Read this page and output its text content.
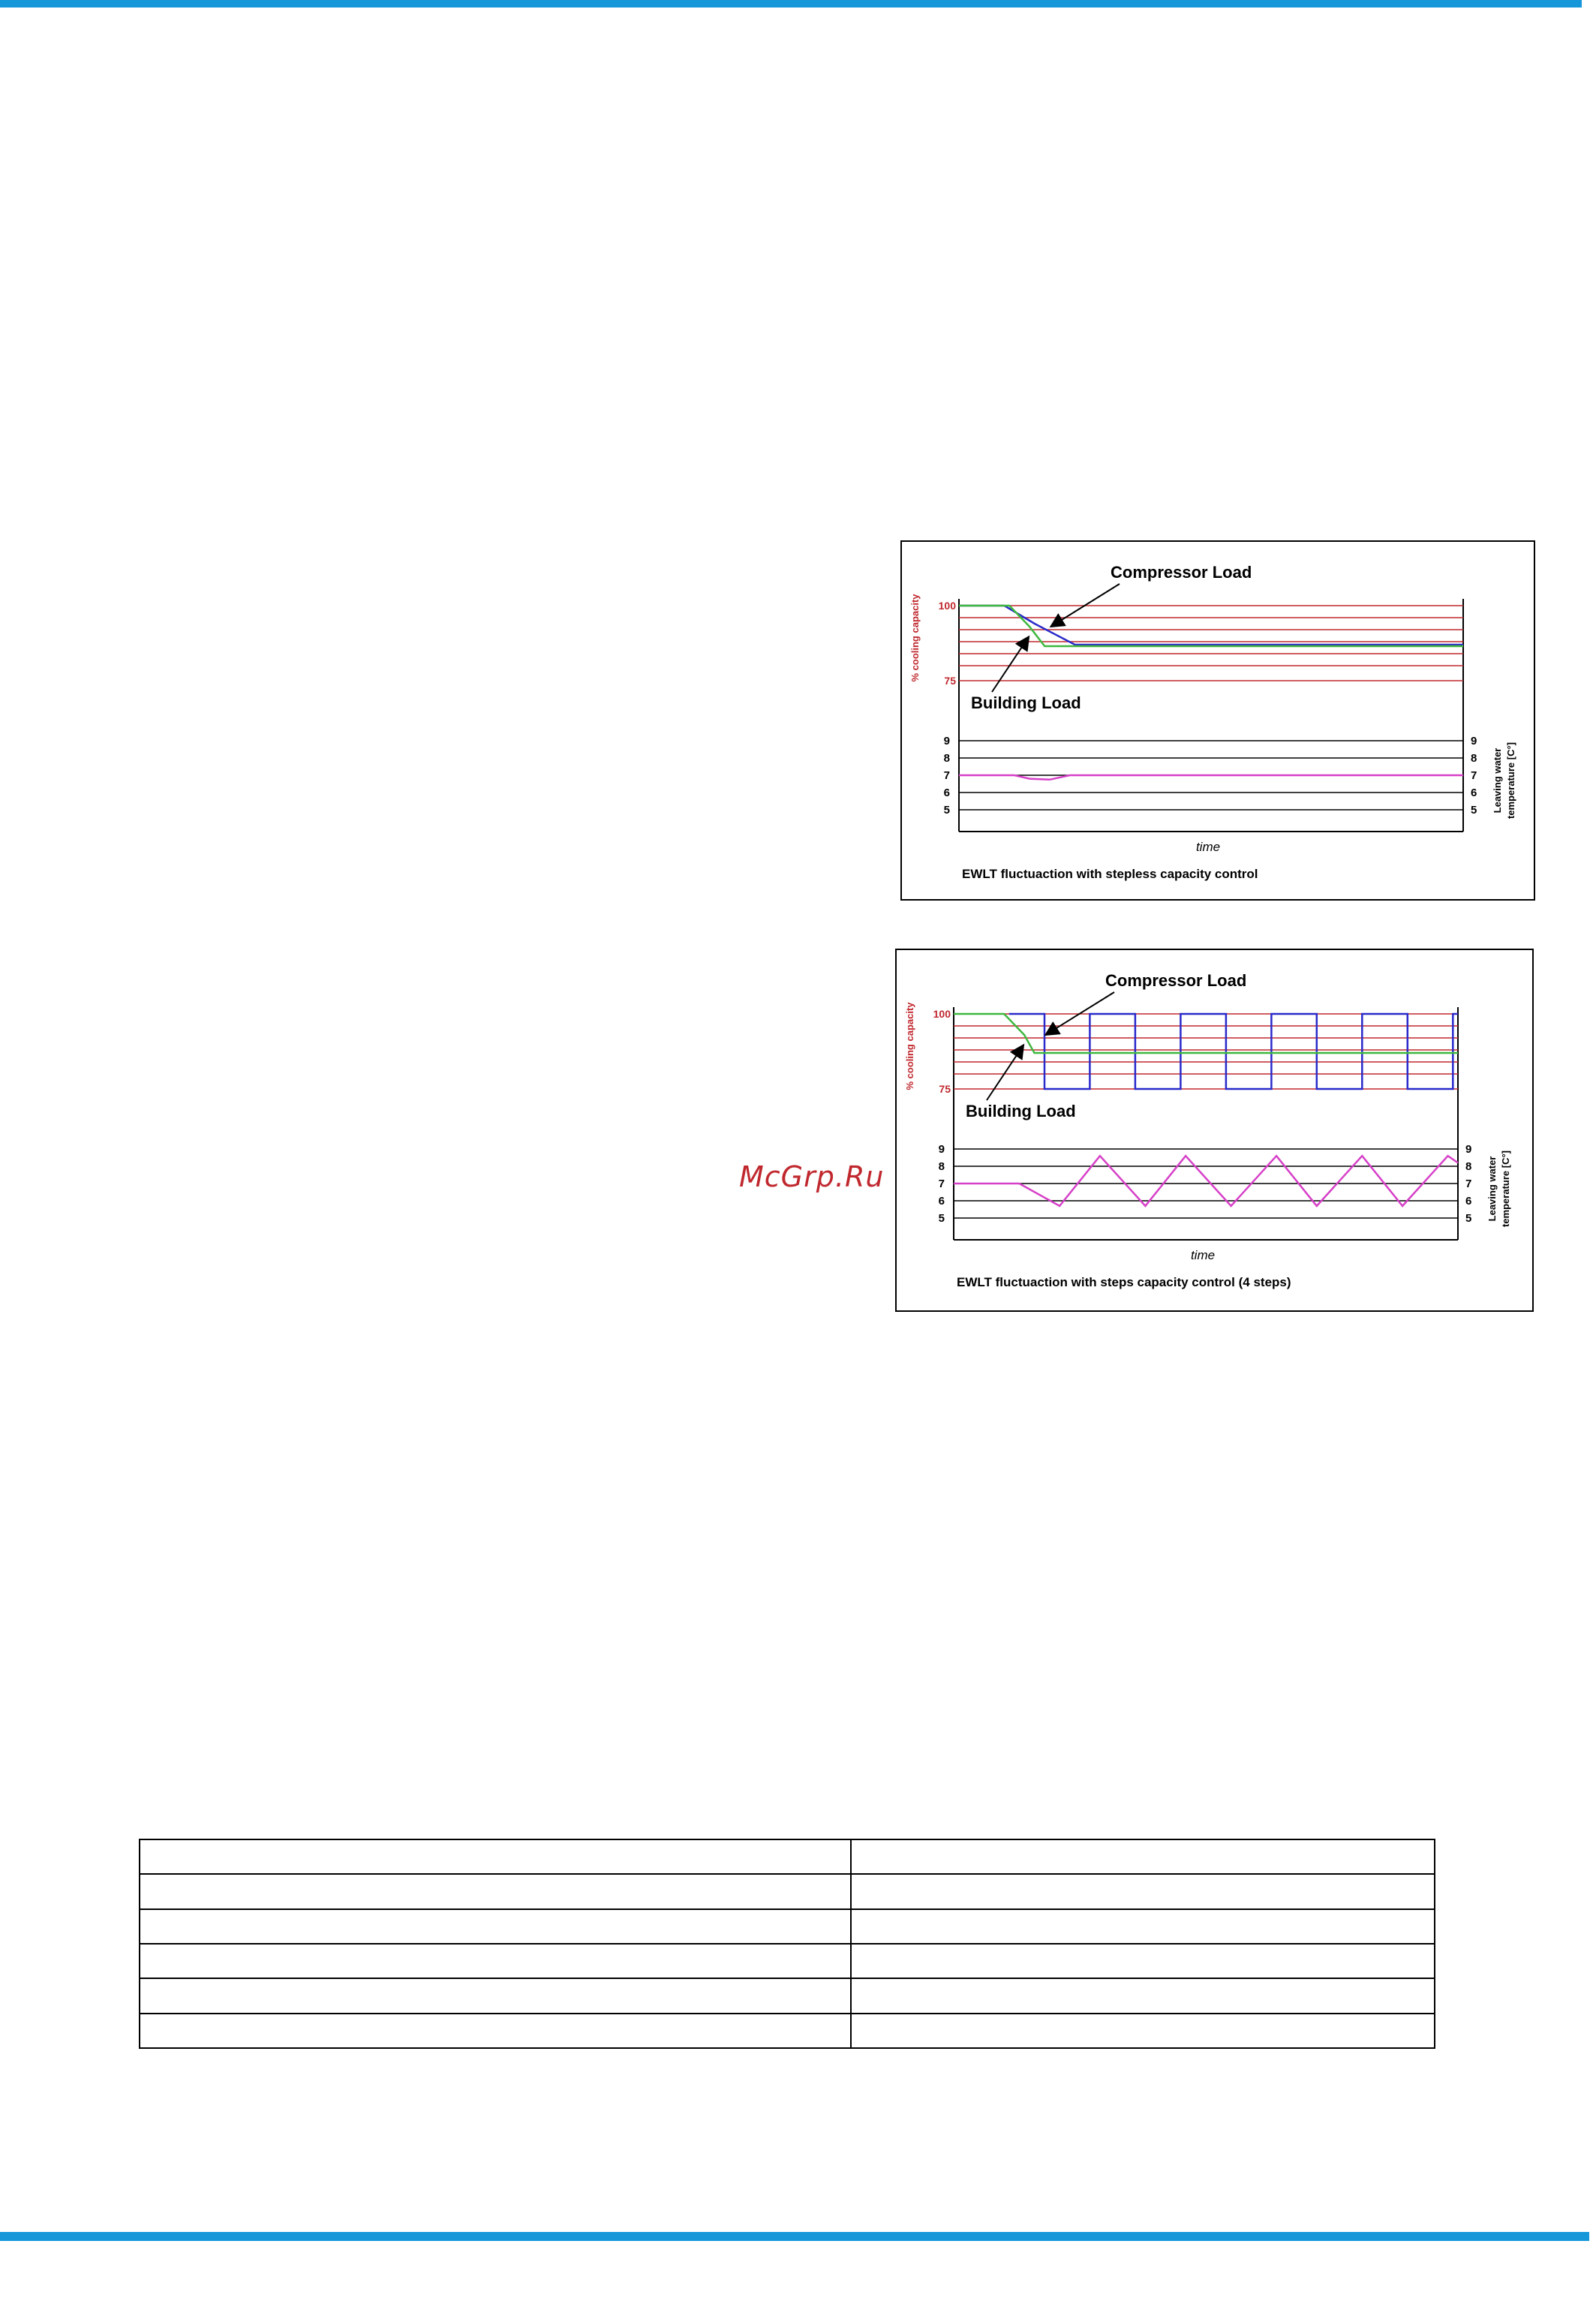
100
75
9	9
8	8
7	7
6	6
5	5
% cooling capacity
Leaving water temperature [C°]
time
EWLT fluctuaction with stepless capacity control
Compressor Load
Building Load
100
75
9	9
8	8
7	7
6	6
5	5
% cooling capacity
Leaving water temperature [C°]
time
EWLT fluctuaction with steps capacity control (4 steps)
Compressor Load
Building Load
McGrp.Ru
